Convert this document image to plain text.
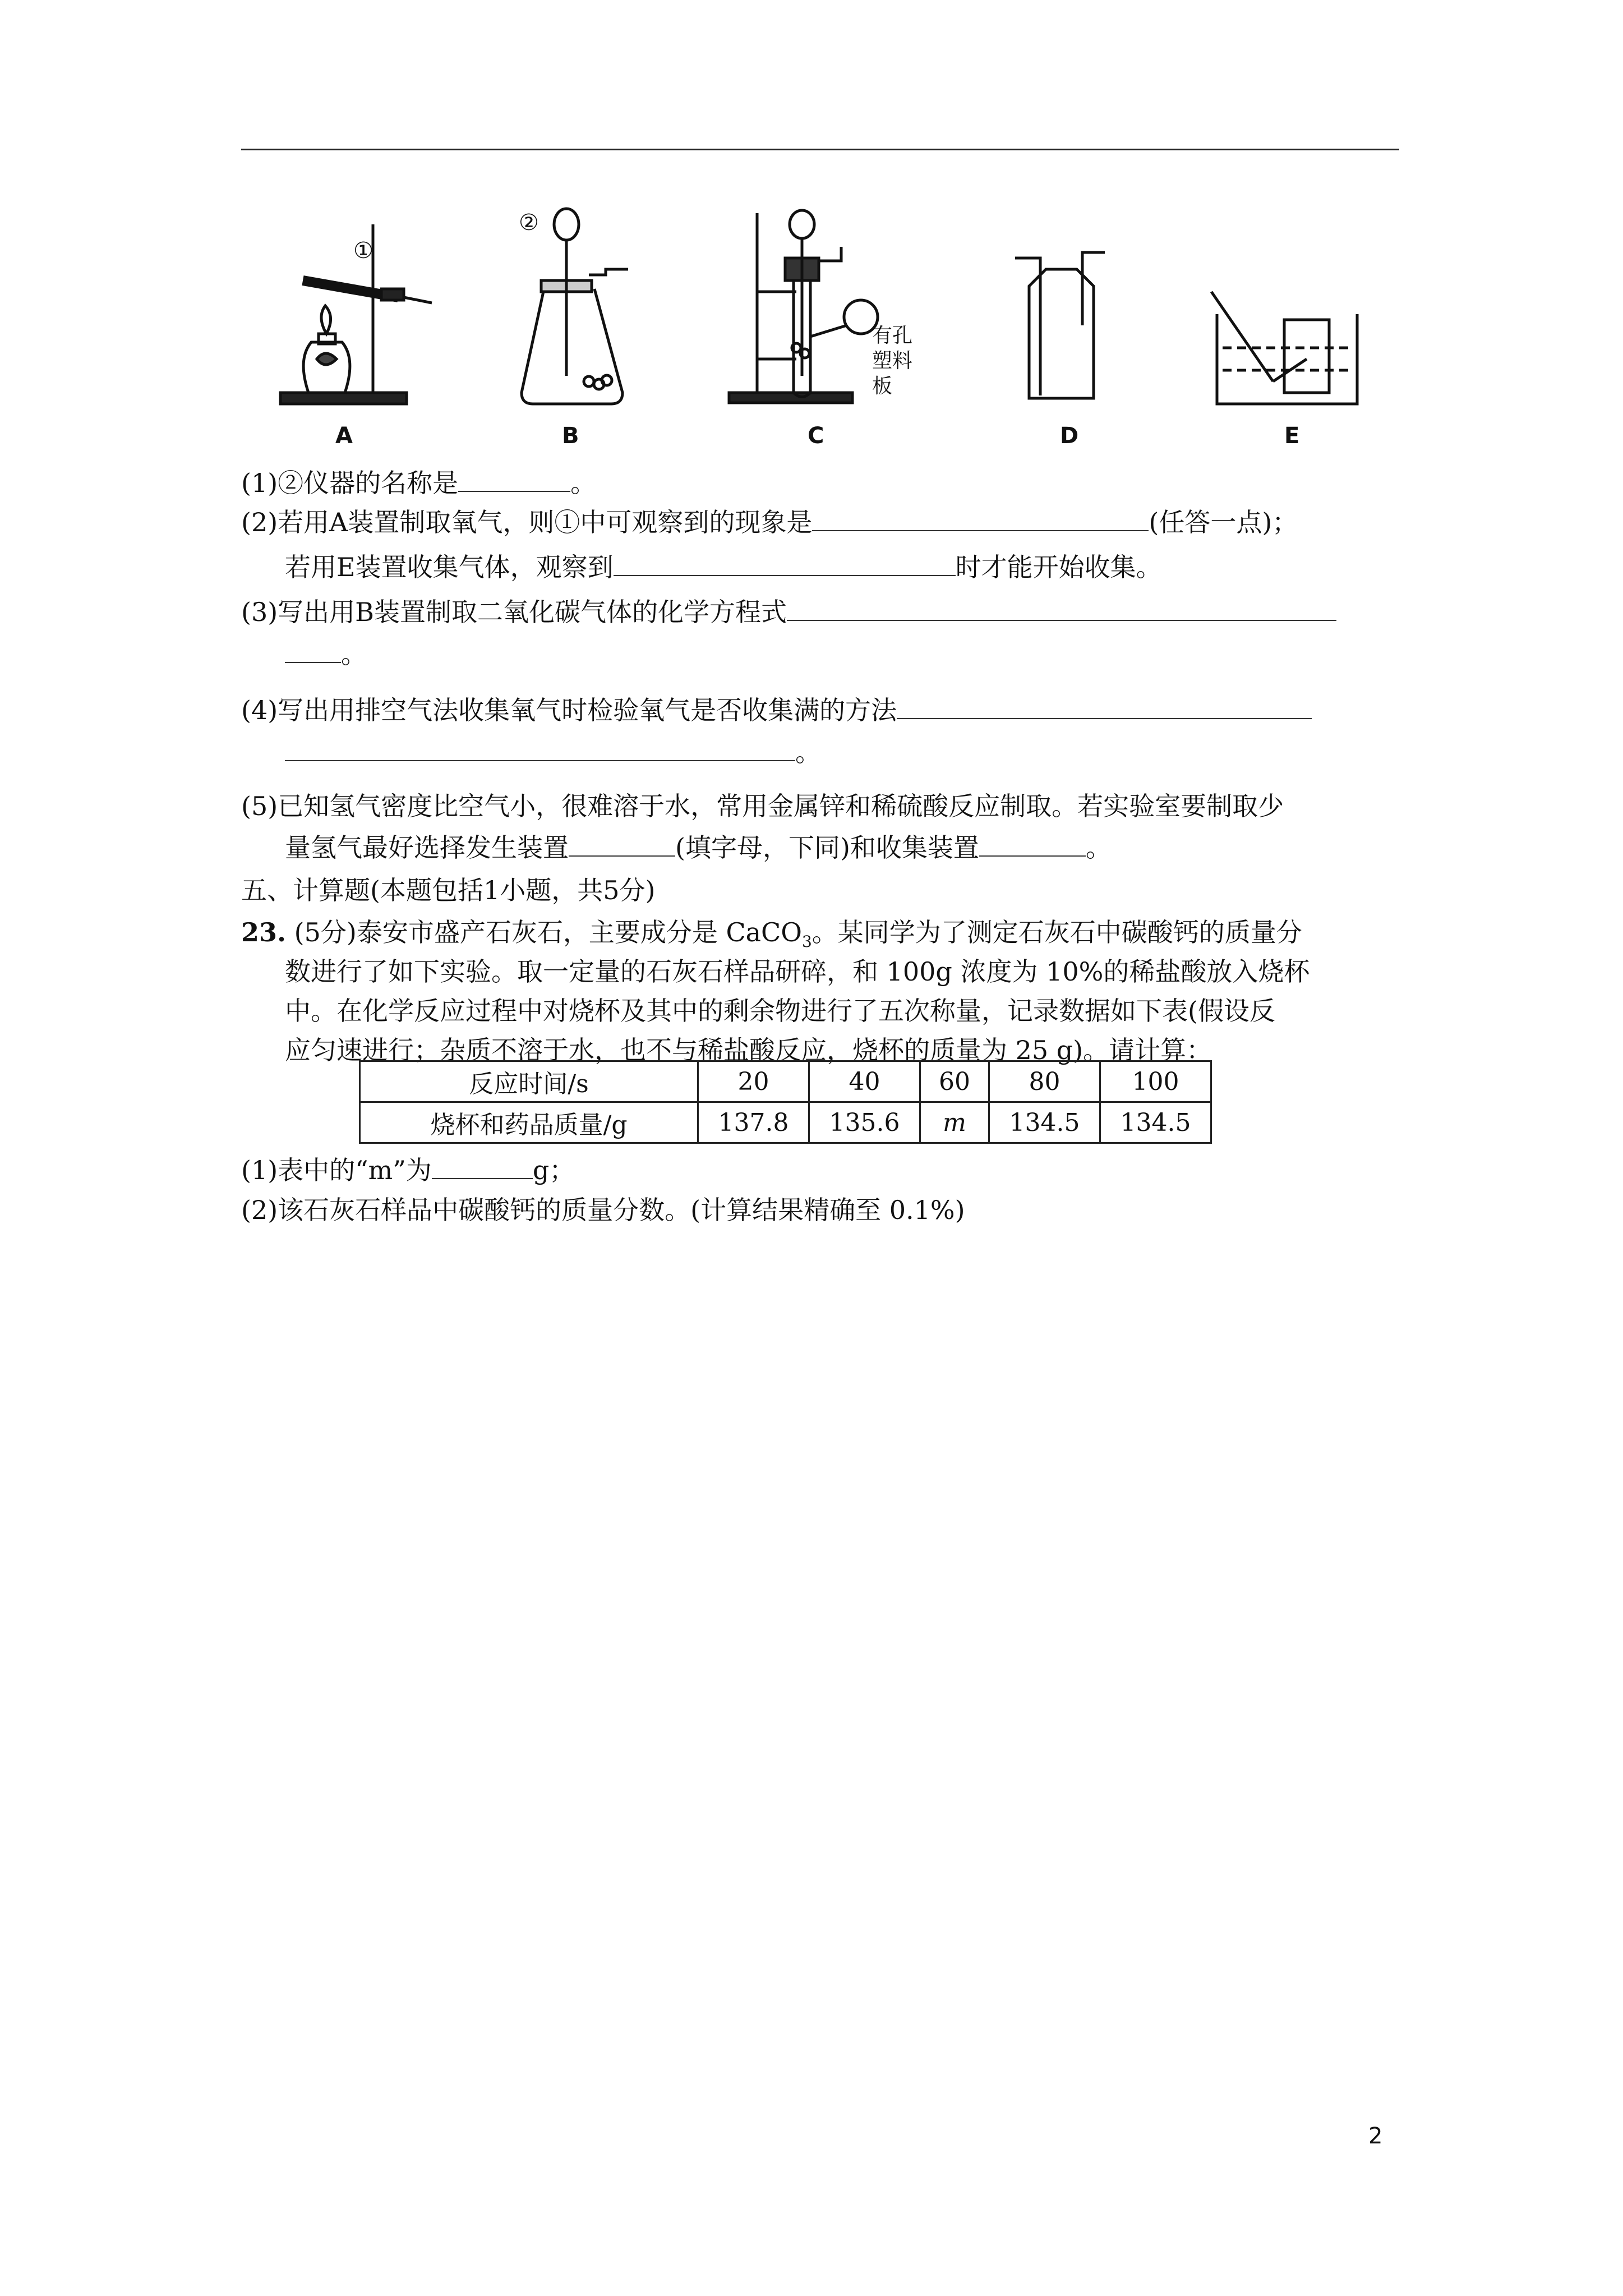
①
②
有孔
塑料
板
A	B	C	D	E
(1)②仪器的名称是	。
(2)若用A装置制取氧气，则①中可观察到的现象是	(任答一点)；
若用E装置收集气体，观察到	时才能开始收集。
(3)写出用B装置制取二氧化碳气体的化学方程式
。
(4)写出用排空气法收集氧气时检验氧气是否收集满的方法
。
(5)已知氢气密度比空气小，很难溶于水，常用金属锌和稀硫酸反应制取。若实验室要制取少
量氢气最好选择发生装置	(填字母，下同)和收集装置	。
五、计算题(本题包括1小题，共5分)
23. (5分)泰安市盛产石灰石，主要成分是 CaCO$_3$。某同学为了测定石灰石中碳酸钙的质量分
数进行了如下实验。取一定量的石灰石样品研碎，和 100g 浓度为 10%的稀盐酸放入烧杯
中。在化学反应过程中对烧杯及其中的剩余物进行了五次称量，记录数据如下表(假设反
应匀速进行；杂质不溶于水，也不与稀盐酸反应，烧杯的质量为 25 g)。请计算：
反应时间/s	20	40	60	80	100
烧杯和药品质量/g	137.8	135.6	m	134.5	134.5
(1)表中的“m”为	g；
(2)该石灰石样品中碳酸钙的质量分数。(计算结果精确至 0.1%)
2
